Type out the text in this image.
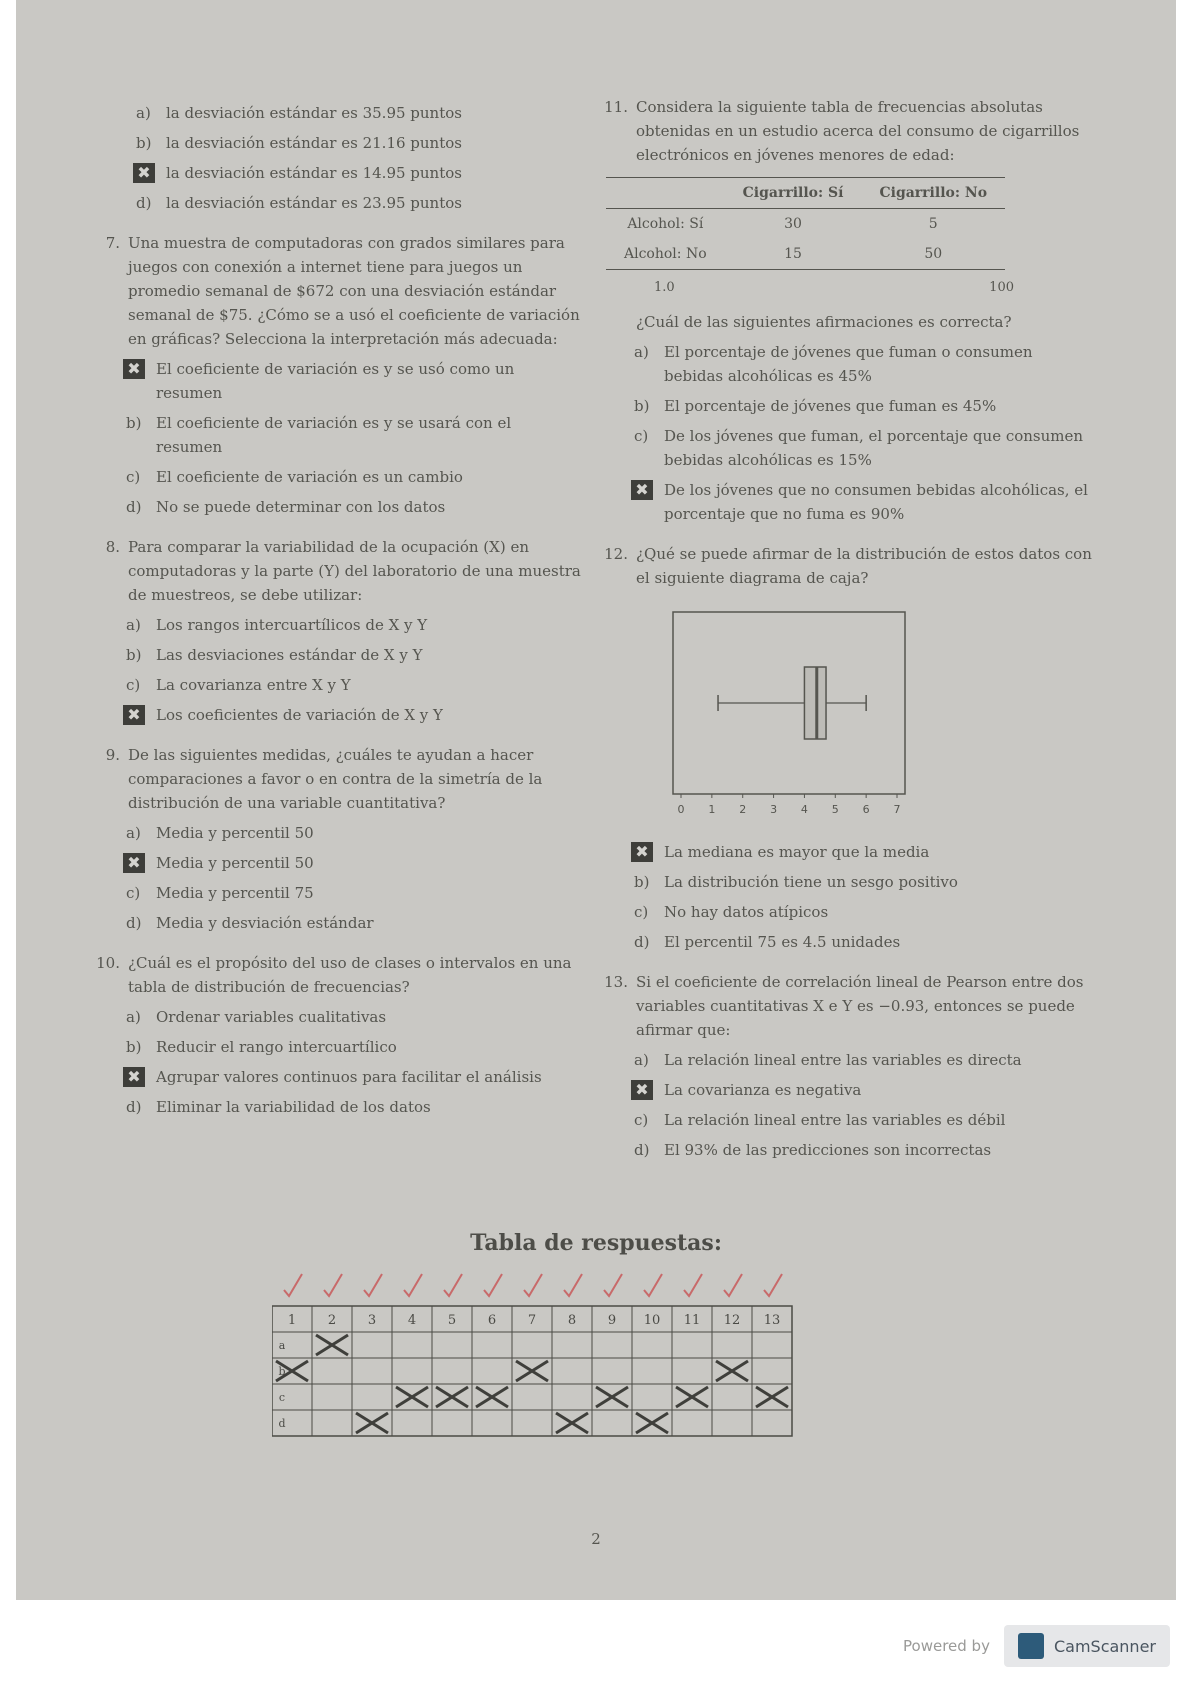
a)	la desviación estándar es 35.95 puntos
b) la desviación estándar es 21.16 puntos
✖ la desviación estándar es 14.95 puntos
d) la desviación estándar es 23.95 puntos
7. Una muestra de computadoras con grados similares para juegos con conexión a internet tiene para juegos un promedio semanal de $672 con una desviación estándar semanal de $75. ¿Cómo se a usó el coeficiente de variación en gráficas? Selecciona la interpretación más adecuada:
✖ El coeficiente de variación es y se usó como un resumen
b) El coeficiente de variación es y se usará con el resumen
c)	El coeficiente de variación es un cambio
d) No se puede determinar con los datos
8. Para comparar la variabilidad de la ocupación (X) en computadoras y la parte (Y) del laboratorio de una muestra de muestreos, se debe utilizar:
a)	Los rangos intercuartílicos de X y Y
b) Las desviaciones estándar de X y Y
c)	La covarianza entre X y Y
✖ Los coeficientes de variación de X y Y
9. De las siguientes medidas, ¿cuáles te ayudan a hacer comparaciones a favor o en contra de la simetría de la distribución de una variable cuantitativa?
a)	Media y percentil 50
✖ Media y percentil 50
c)	Media y percentil 75
d) Media y desviación estándar
10. ¿Cuál es el propósito del uso de clases o intervalos en una tabla de distribución de frecuencias?
a)	Ordenar variables cualitativas
b) Reducir el rango intercuartílico
✖ Agrupar valores continuos para facilitar el análisis
d) Eliminar la variabilidad de los datos
11. Considera la siguiente tabla de frecuencias absolutas obtenidas en un estudio acerca del consumo de cigarrillos electrónicos en jóvenes menores de edad:
	Cigarrillo: Sí	Cigarrillo: No
Alcohol: Sí	30	5
Alcohol: No	15	50
1.0	100
¿Cuál de las siguientes afirmaciones es correcta?
a)	El porcentaje de jóvenes que fuman o consumen bebidas alcohólicas es 45%
b) El porcentaje de jóvenes que fuman es 45%
c)	De los jóvenes que fuman, el porcentaje que consumen bebidas alcohólicas es 15%
✖ De los jóvenes que no consumen bebidas alcohólicas, el porcentaje que no fuma es 90%
12. ¿Qué se puede afirmar de la distribución de estos datos con el siguiente diagrama de caja?
0 1 2 3 4 5 6 7
✖ La mediana es mayor que la media
b) La distribución tiene un sesgo positivo
c)	No hay datos atípicos
d) El percentil 75 es 4.5 unidades
13. Si el coeficiente de correlación lineal de Pearson entre dos variables cuantitativas X e Y es −0.93, entonces se puede afirmar que:
a)	La relación lineal entre las variables es directa
✖ La covarianza es negativa
c)	La relación lineal entre las variables es débil
d) El 93% de las predicciones son incorrectas
Tabla de respuestas:
1 2 3 4 5 6 7 8 9 10 11 12 13
a
b
c
d
2
Powered by	CamScanner
